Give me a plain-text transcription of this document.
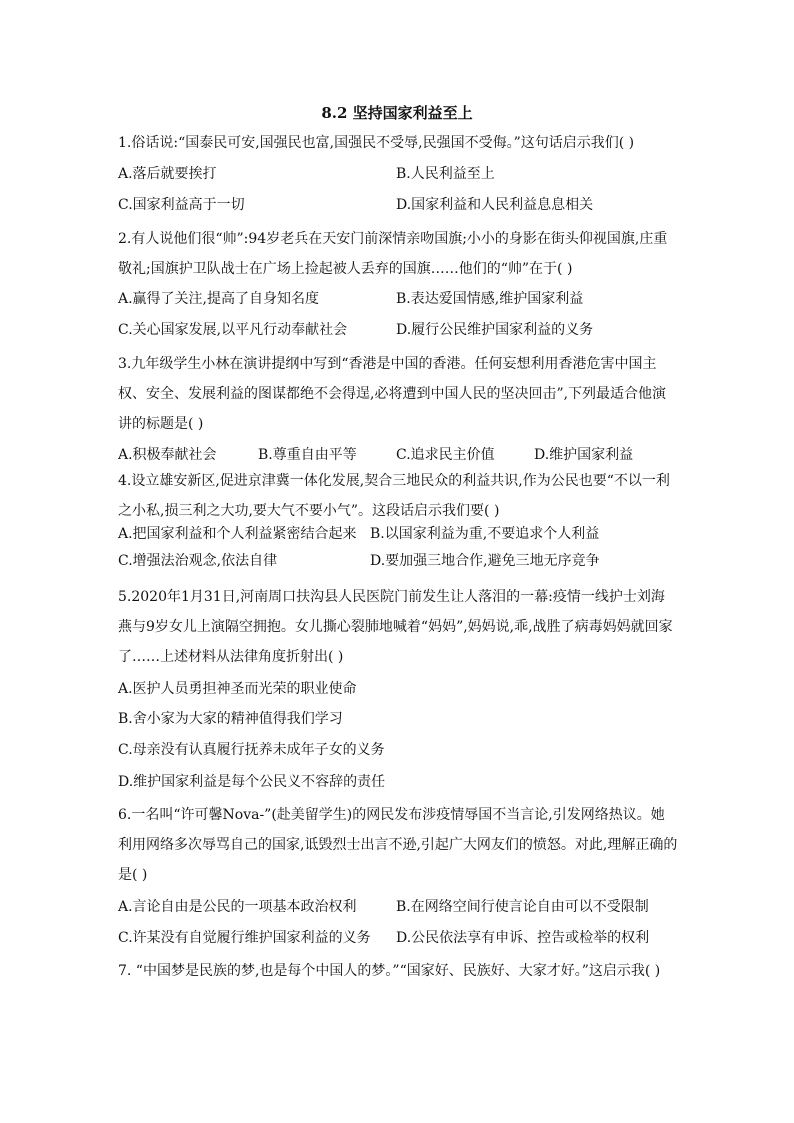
8.2 坚持国家利益至上

1.俗话说:“国泰民可安,国强民也富,国强民不受辱,民强国不受侮。”这句话启示我们( )

A.落后就要挨打	B.人民利益至上
C.国家利益高于一切	D.国家利益和人民利益息息相关

2.有人说他们很“帅”:94岁老兵在天安门前深情亲吻国旗;小小的身影在街头仰视国旗,庄重敬礼;国旗护卫队战士在广场上捡起被人丢弃的国旗……他们的“帅”在于( )

A.赢得了关注,提高了自身知名度	B.表达爱国情感,维护国家利益
C.关心国家发展,以平凡行动奉献社会	D.履行公民维护国家利益的义务

3.九年级学生小林在演讲提纲中写到“香港是中国的香港。任何妄想利用香港危害中国主权、安全、发展利益的图谋都绝不会得逞,必将遭到中国人民的坚决回击”,下列最适合他演讲的标题是( )

A.积极奉献社会	B.尊重自由平等	C.追求民主价值	D.维护国家利益

4.设立雄安新区,促进京津冀一体化发展,契合三地民众的利益共识,作为公民也要“不以一利之小私,损三利之大功,要大气不要小气”。这段话启示我们要( )

A.把国家利益和个人利益紧密结合起来 B.以国家利益为重,不要追求个人利益
C.增强法治观念,依法自律	D.要加强三地合作,避免三地无序竞争

5.2020年1月31日,河南周口扶沟县人民医院门前发生让人落泪的一幕:疫情一线护士刘海燕与9岁女儿上演隔空拥抱。女儿撕心裂肺地喊着“妈妈”,妈妈说,乖,战胜了病毒妈妈就回家了……上述材料从法律角度折射出( )

A.医护人员勇担神圣而光荣的职业使命
B.舍小家为大家的精神值得我们学习
C.母亲没有认真履行抚养未成年子女的义务
D.维护国家利益是每个公民义不容辞的责任

6.一名叫“许可馨Nova-”(赴美留学生)的网民发布涉疫情辱国不当言论,引发网络热议。她利用网络多次辱骂自己的国家,诋毁烈士出言不逊,引起广大网友们的愤怒。对此,理解正确的是( )

A.言论自由是公民的一项基本政治权利	B.在网络空间行使言论自由可以不受限制
C.许某没有自觉履行维护国家利益的义务 D.公民依法享有申诉、控告或检举的权利

7. “中国梦是民族的梦,也是每个中国人的梦。”“国家好、民族好、大家才好。”这启示我( )
